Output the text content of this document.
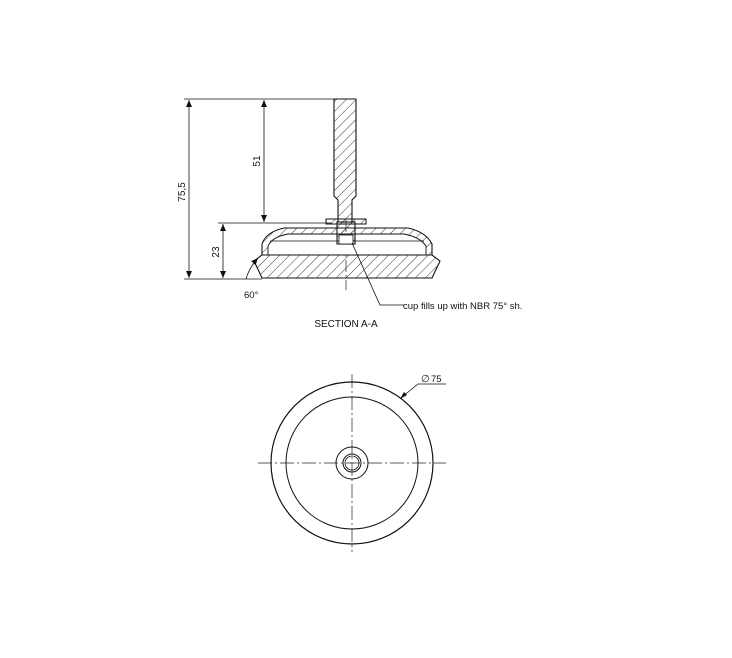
cup fills up with NBR 75° sh.
75,5
51
23
60°
SECTION A-A
∅ 75
